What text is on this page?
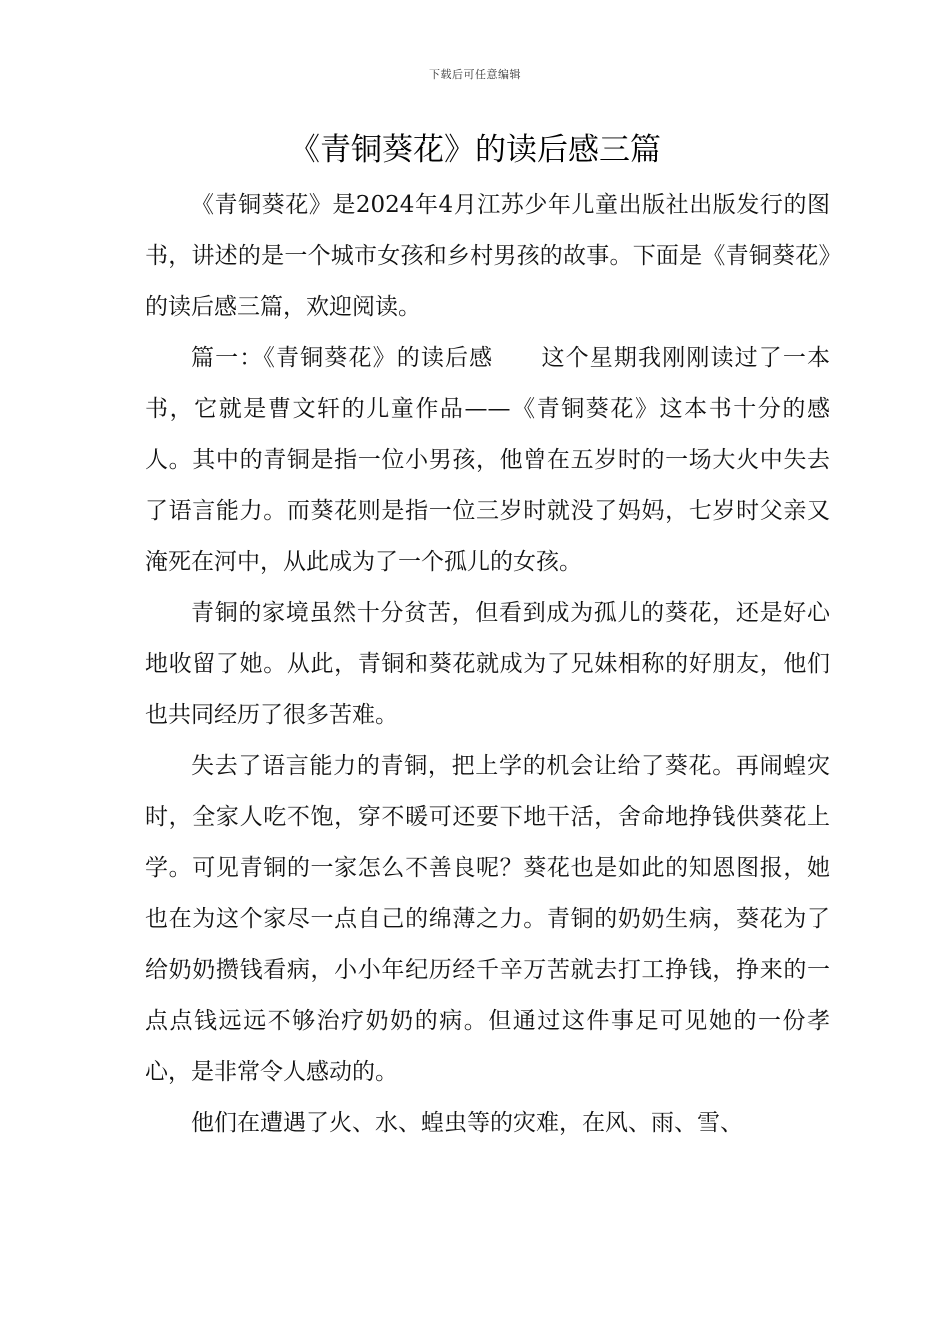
下载后可任意编辑
《青铜葵花》的读后感三篇

《青铜葵花》是2024年4月江苏少年儿童出版社出版发行的图书，讲述的是一个城市女孩和乡村男孩的故事。下面是《青铜葵花》的读后感三篇，欢迎阅读。

篇一：《青铜葵花》的读后感　　这个星期我刚刚读过了一本书，它就是曹文轩的儿童作品——《青铜葵花》这本书十分的感人。其中的青铜是指一位小男孩，他曾在五岁时的一场大火中失去了语言能力。而葵花则是指一位三岁时就没了妈妈，七岁时父亲又淹死在河中，从此成为了一个孤儿的女孩。

青铜的家境虽然十分贫苦，但看到成为孤儿的葵花，还是好心地收留了她。从此，青铜和葵花就成为了兄妹相称的好朋友，他们也共同经历了很多苦难。

失去了语言能力的青铜，把上学的机会让给了葵花。再闹蝗灾时，全家人吃不饱，穿不暖可还要下地干活，舍命地挣钱供葵花上学。可见青铜的一家怎么不善良呢？葵花也是如此的知恩图报，她也在为这个家尽一点自己的绵薄之力。青铜的奶奶生病，葵花为了给奶奶攒钱看病，小小年纪历经千辛万苦就去打工挣钱，挣来的一点点钱远远不够治疗奶奶的病。但通过这件事足可见她的一份孝心，是非常令人感动的。

他们在遭遇了火、水、蝗虫等的灾难，在风、雨、雪、
